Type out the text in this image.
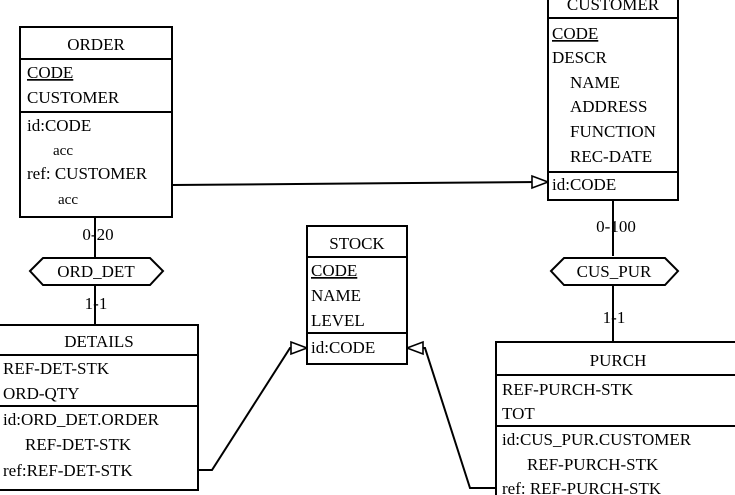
ORDER
CODE
CUSTOMER
id:CODE
acc
ref: CUSTOMER
acc
CUSTOMER
CODE
DESCR
NAME
ADDRESS
FUNCTION
REC-DATE
id:CODE
STOCK
CODE
NAME
LEVEL
id:CODE
DETAILS
REF-DET-STK
ORD-QTY
id:ORD_DET.ORDER
REF-DET-STK
ref:REF-DET-STK
PURCH
REF-PURCH-STK
TOT
id:CUS_PUR.CUSTOMER
REF-PURCH-STK
ref: REF-PURCH-STK
ORD_DET
0-20
1-1
CUS_PUR
0-100
1-1
